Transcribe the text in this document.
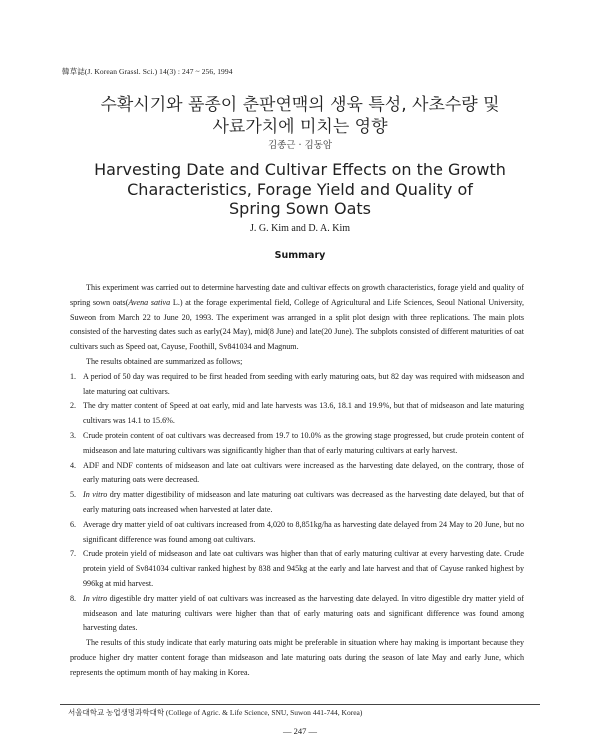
韓草誌(J. Korean Grassl. Sci.) 14(3) : 247 ~ 256, 1994
수확시기와 품종이 춘판연맥의 생육 특성, 사초수량 및
사료가치에 미치는 영향
김종근 · 김동암
Harvesting Date and Cultivar Effects on the Growth
Characteristics, Forage Yield and Quality of
Spring Sown Oats
J. G. Kim and D. A. Kim
Summary

This experiment was carried out to determine harvesting date and cultivar effects on growth characteristics, forage yield and quality of spring sown oats(Avena sativa L.) at the forage experimental field, College of Agricultural and Life Sciences, Seoul National University, Suweon from March 22 to June 20, 1993. The experiment was arranged in a split plot design with three replications. The main plots consisted of the harvesting dates such as early(24 May), mid(8 June) and late(20 June). The subplots consisted of different maturities of oat cultivars such as Speed oat, Cayuse, Foothill, Sv841034 and Magnum.

The results obtained are summarized as follows;

1. A period of 50 day was required to be first headed from seeding with early maturing oats, but 82 day was required with midseason and late maturing oat cultivars.
2. The dry matter content of Speed at oat early, mid and late harvests was 13.6, 18.1 and 19.9%, but that of midseason and late maturing cultivars was 14.1 to 15.6%.
3. Crude protein content of oat cultivars was decreased from 19.7 to 10.0% as the growing stage progressed, but crude protein content of midseason and late maturing cultivars was significantly higher than that of early maturing cultivars at early harvest.
4. ADF and NDF contents of midseason and late oat cultivars were increased as the harvesting date delayed, on the contrary, those of early maturing oats were decreased.
5. In vitro dry matter digestibility of midseason and late maturing oat cultivars was decreased as the harvesting date delayed, but that of early maturing oats increased when harvested at later date.
6. Average dry matter yield of oat cultivars increased from 4,020 to 8,851kg/ha as harvesting date delayed from 24 May to 20 June, but no significant difference was found among oat cultivars.
7. Crude protein yield of midseason and late oat cultivars was higher than that of early maturing cultivar at every harvesting date. Crude protein yield of Sv841034 cultivar ranked highest by 838 and 945kg at the early and late harvest and that of Cayuse ranked highest by 996kg at mid harvest.
8. In vitro digestible dry matter yield of oat cultivars was increased as the harvesting date delayed. In vitro digestible dry matter yield of midseason and late maturing cultivars were higher than that of early maturing oats and significant difference was found among harvesting dates.

The results of this study indicate that early maturing oats might be preferable in situation where hay making is important because they produce higher dry matter content forage than midseason and late maturing oats during the season of late May and early June, which represents the optimum month of hay making in Korea.

서울대학교 농업생명과학대학 (College of Agric. & Life Science, SNU, Suwon 441-744, Korea)
— 247 —
